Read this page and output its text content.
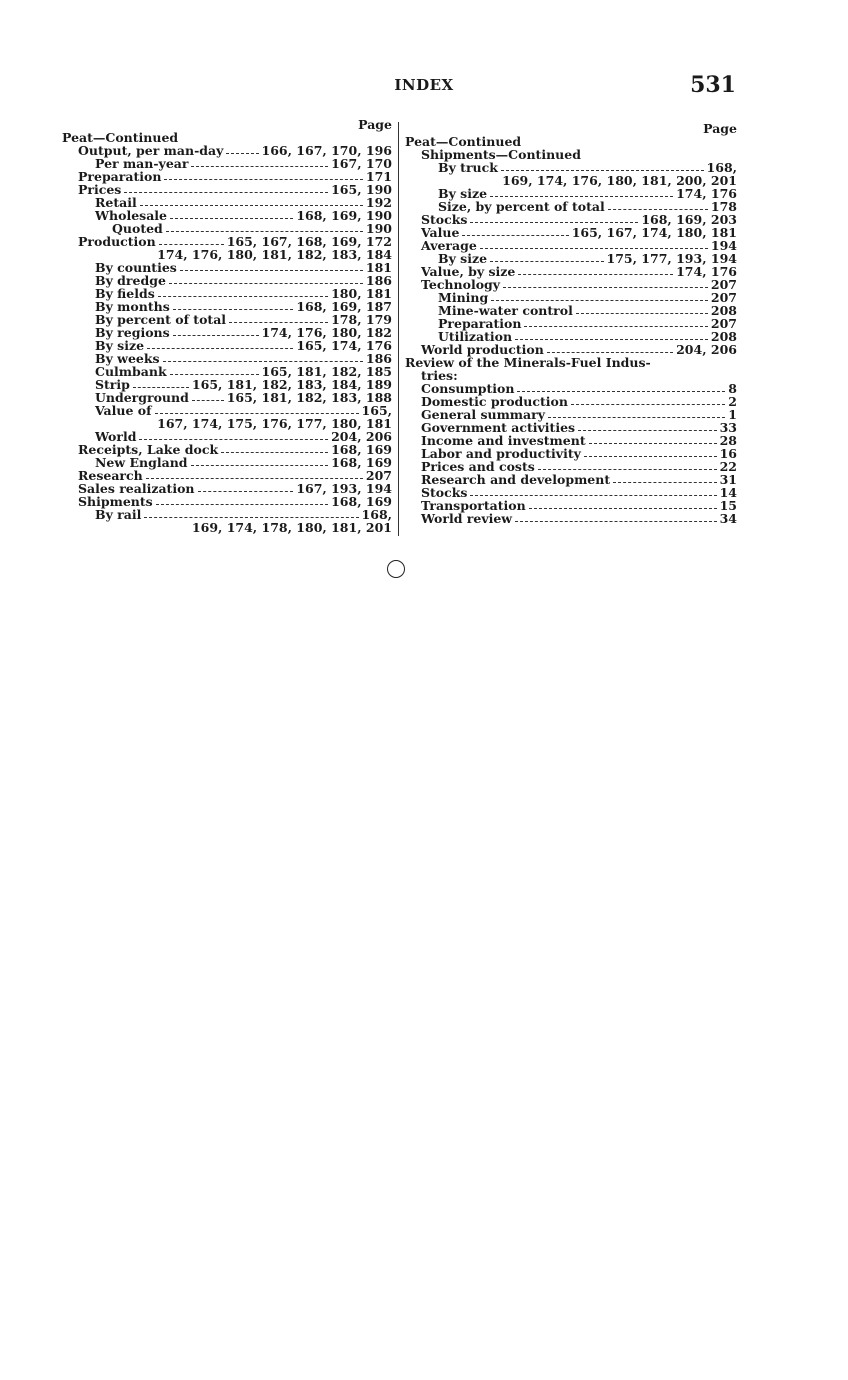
INDEX	531
Page
Peat—Continued
Output, per man-day	166, 167, 170, 196
Per man-year	167, 170
Preparation	171
Prices	165, 190
Retail	192
Wholesale	168, 169, 190
Quoted	190
Production	165, 167, 168, 169, 172
174, 176, 180, 181, 182, 183, 184
By counties	181
By dredge	186
By fields	180, 181
By months	168, 169, 187
By percent of total	178, 179
By regions	174, 176, 180, 182
By size	165, 174, 176
By weeks	186
Culmbank	165, 181, 182, 185
Strip	165, 181, 182, 183, 184, 189
Underground	165, 181, 182, 183, 188
Value of	165,
167, 174, 175, 176, 177, 180, 181
World	204, 206
Receipts, Lake dock	168, 169
New England	168, 169
Research	207
Sales realization	167, 193, 194
Shipments	168, 169
By rail	168,
169, 174, 178, 180, 181, 201
Page
Peat—Continued
Shipments—Continued
By truck	168,
169, 174, 176, 180, 181, 200, 201
By size	174, 176
Size, by percent of total	178
Stocks	168, 169, 203
Value	165, 167, 174, 180, 181
Average	194
By size	175, 177, 193, 194
Value, by size	174, 176
Technology	207
Mining	207
Mine-water control	208
Preparation	207
Utilization	208
World production	204, 206
Review of the Minerals-Fuel Indus-
tries:
Consumption	8
Domestic production	2
General summary	1
Government activities	33
Income and investment	28
Labor and productivity	16
Prices and costs	22
Research and development	31
Stocks	14
Transportation	15
World review	34
